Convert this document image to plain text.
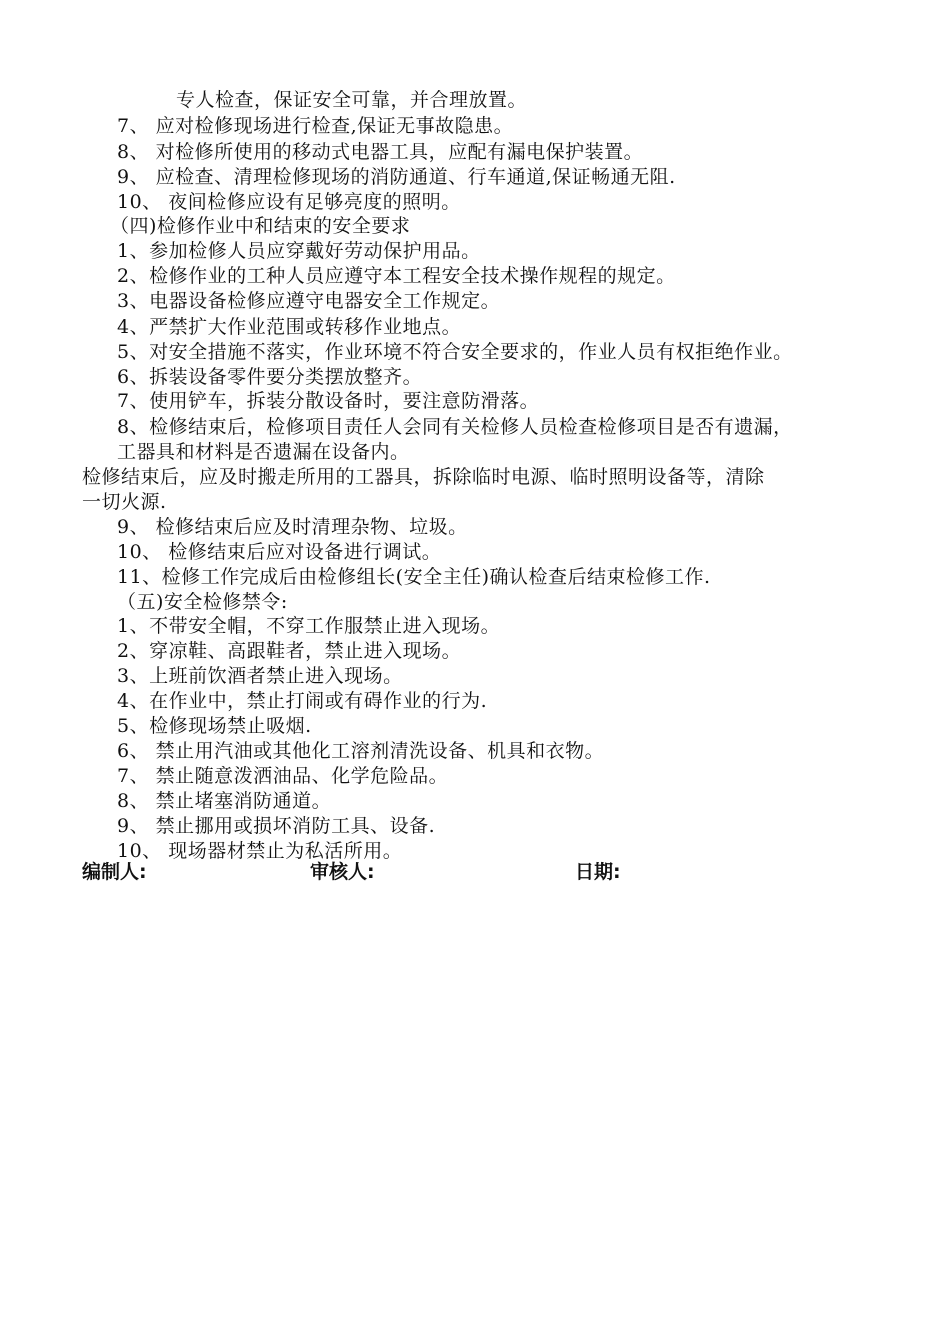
专人检查，保证安全可靠，并合理放置。
7、 应对检修现场进行检查,保证无事故隐患。
8、 对检修所使用的移动式电器工具，应配有漏电保护装置。
9、 应检查、清理检修现场的消防通道、行车通道,保证畅通无阻.
10、 夜间检修应设有足够亮度的照明。
（四)检修作业中和结束的安全要求
1、参加检修人员应穿戴好劳动保护用品。
2、检修作业的工种人员应遵守本工程安全技术操作规程的规定。
3、电器设备检修应遵守电器安全工作规定。
4、严禁扩大作业范围或转移作业地点。
5、对安全措施不落实，作业环境不符合安全要求的，作业人员有权拒绝作业。
6、拆装设备零件要分类摆放整齐。
7、使用铲车，拆装分散设备时，要注意防滑落。
8、检修结束后，检修项目责任人会同有关检修人员检查检修项目是否有遗漏，
工器具和材料是否遗漏在设备内。
检修结束后，应及时搬走所用的工器具，拆除临时电源、临时照明设备等，清除
一切火源.
9、 检修结束后应及时清理杂物、垃圾。
10、 检修结束后应对设备进行调试。
11、检修工作完成后由检修组长(安全主任)确认检查后结束检修工作.
（五)安全检修禁令:
1、不带安全帽，不穿工作服禁止进入现场。
2、穿凉鞋、高跟鞋者，禁止进入现场。
3、上班前饮酒者禁止进入现场。
4、在作业中，禁止打闹或有碍作业的行为.
5、检修现场禁止吸烟.
6、 禁止用汽油或其他化工溶剂清洗设备、机具和衣物。
7、 禁止随意泼洒油品、化学危险品。
8、 禁止堵塞消防通道。
9、 禁止挪用或损坏消防工具、设备.
10、 现场器材禁止为私活所用。
编制人:	审核人:	日期:
